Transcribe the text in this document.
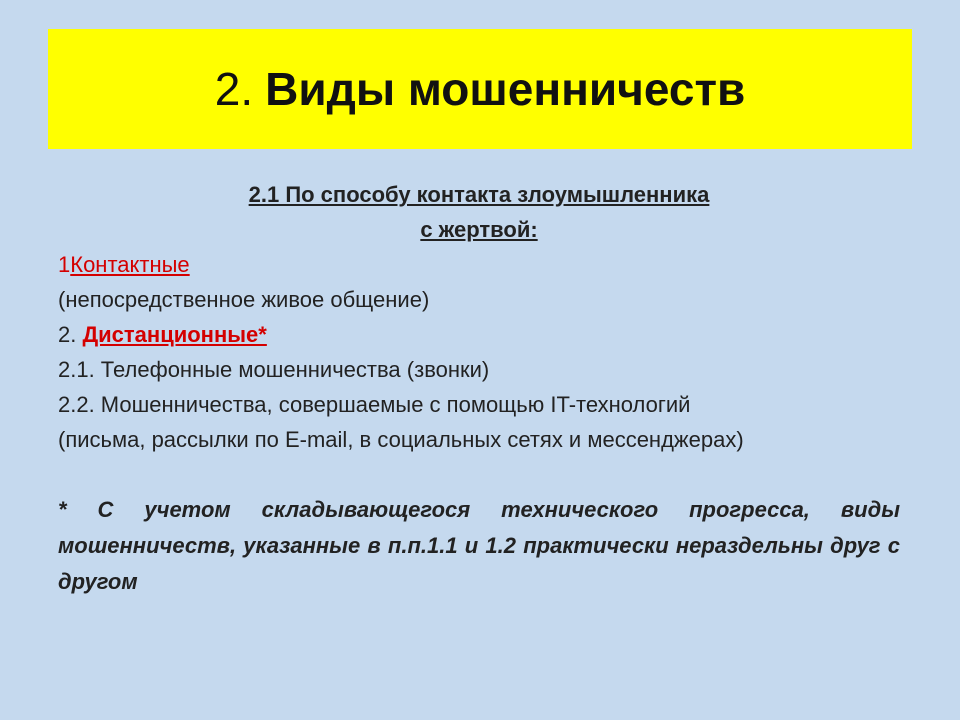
2. Виды мошенничеств
2.1 По способу контакта злоумышленника
с жертвой:
1Контактные
(непосредственное живое общение)
2. Дистанционные*
2.1. Телефонные мошенничества (звонки)
2.2. Мошенничества, совершаемые с помощью IT-технологий
(письма, рассылки по E-mail, в социальных сетях и мессенджерах)
* С учетом складывающегося технического прогресса, виды мошенничеств, указанные в п.п.1.1 и 1.2 практически нераздельны друг с другом
